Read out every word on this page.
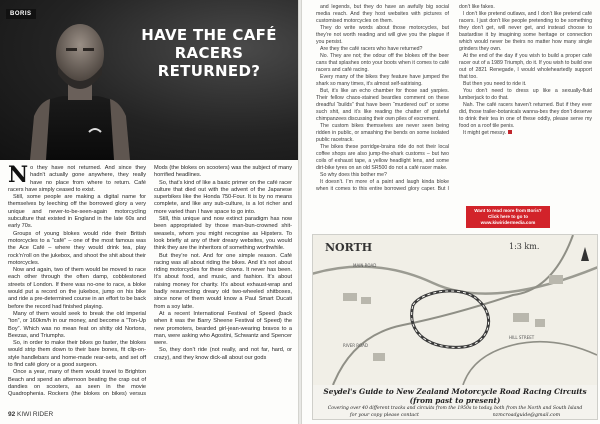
BORIS
HAVE THE CAFÉ RACERS RETURNED?

No they have not returned. And since they hadn't actually gone anywhere, they really have no place from where to return. Café racers have simply ceased to exist.

Still, some people are making a digital name for themselves by leeching off the borrowed glory a very unique and never-to-be-seen-again motorcycling subculture that existed in England in the late 60s and early 70s.

Groups of young blokes would ride their British motorcycles to a “café” – one of the most famous was the Ace Café – where they would drink tea, play rock’n’roll on the jukebox, and shoot the shit about their motorcycles.

Now and again, two of them would be moved to race each other through the often damp, cobblestoned streets of London. If there was no-one to race, a bloke would put a record on the jukebox, jump on his bike and ride a pre-determined course in an effort to be back before the record had finished playing.

Many of them would seek to break the old imperial “ton”, or 160km/h in our money, and become a “Ton-Up Boy”. Which was no mean feat on shitty old Nortons, Beezas, and Triumphs.

So, in order to make their bikes go faster, the blokes would strip them down to their bare bones, fit clip-on-style handlebars and home-made rear-sets, and set off to find café glory or a good surgeon.

Once a year, many of them would travel to Brighton Beach and spend an afternoon beating the crap out of dandies on scooters, as seen in the movie Quadrophenia. Rockers (the blokes on bikes) versus Mods (the blokes on scooters) was the subject of many horrified headlines.

So, that’s kind of like a basic primer on the café racer culture that died out with the advent of the Japanese superbikes like the Honda 750-Four. It is by no means complete, and like any sub-culture, is a lot richer and more varied than I have space to go into.

Still, this unique and now extinct paradigm has now been appropriated by those man-bun-crowned shit-weasels, whom you might recognise as Hipsters. To look briefly at any of their dreary websites, you would think they are the inheritors of something worthwhile.

But they’re not. And for one simple reason. Café racing was all about riding the bikes. And it’s not about riding motorcycles for these clowns. It never has been. It’s about food, and music, and fashion. It’s about raising money for charity. It’s about exhaust-wrap and badly resurrecting dreary old two-wheeled shitboxes, since none of them would know a Paul Smart Ducati from a soy latte.

At a recent International Festival of Speed (back when it was the Barry Sheene Festival of Speed) the new promoters, bearded girl-jean-wearing bravos to a man, were asking who Agostini, Schwantz and Spencer were.

So, they don’t ride (not really, and not far, hard, or crazy), and they know dick-all about our gods

92 KIWI RIDER

and legends, but they do have an awfully big social media reach. And they host websites with pictures of customised motorcycles on them.

They do write words about those motorcycles, but they’re not worth reading and will give you the plague if you persist.

Are they the café racers who have returned?

No. They are not; the odour off the blokes off the beer cans that splashes onto your boots when it comes to café racers and café racing.

Every many of the bikes they feature have jumped the shark so many times, it’s almost self-satirising.

But, it’s like an echo chamber for those sad yarpies. Their fellow chaos-stained beardies comment on these dreadful “builds” that have been “murdered out” or some such shit, and it’s like reading the chatter of grateful chimpanzees discussing their own piles of excrement.

The custom bikes themselves are never seen being ridden in public, or smashing the bends on some isolated public racetrack.

The bikes these porridge-brains ride do not their local coffee shops are also jump-the-shark customs – but two coils of exhaust tape, a yellow headlight lens, and some dirt-bike tyres on an old SR500 do not a café racer make.

So why does this bother me?

It doesn’t. I’m more of a paint and laugh kinda bloke when it comes to this entire borrowed glory caper. But I don’t like fakes.

I don’t like pretend outlaws, and I don’t like pretend café racers. I just don’t like people pretending to be something they don’t get, will never get, and instead choose to bastardise it by imagining some heritage or connection which would never be theirs no matter how many single grinders they own.

At the end of the day if you wish to build a proper café racer out of a 1989 Triumph, do it. If you wish to build one out of 2821 Renegade, I would wholeheartedly support that too.

But then you need to ride it.

You don’t need to dress up like a sexually-fluid lumberjack to do that.

Nah. The café racers haven’t returned. But if they ever did, those trailer-botanicals wanna-bes they don’t deserve to drink their tea in one of these oddly, please serve my food on a roof tile penis.

It might get messy.

Want to read more from Boris?
Click here to go to www.kiwiridermedia.com
NORTH	1:3 km.
MAIN ROAD
RIVER ROAD
HILL STREET
Seydel's Guide to New Zealand Motorcycle Road Racing Circuits (from past to present)
Covering over 40 different tracks and circuits from the 1950s to today, both from the North and South Island
for your copy please contact	nzmcroadguide@gmail.com
